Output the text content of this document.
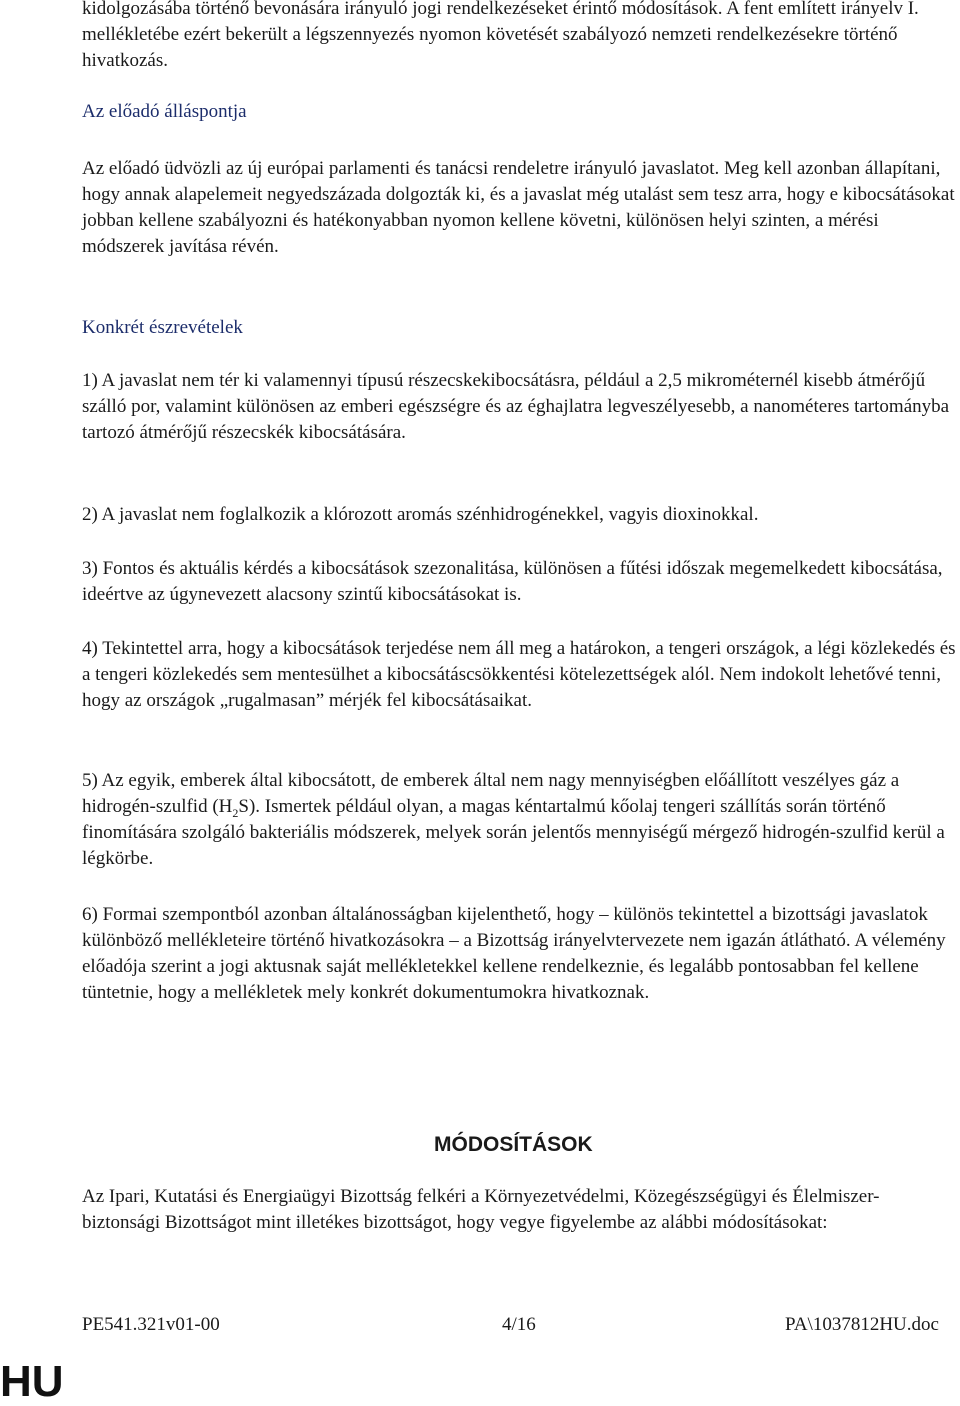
kidolgozásába történő bevonására irányuló jogi rendelkezéseket érintő módosítások. A fent említett irányelv I. mellékletébe ezért bekerült a légszennyezés nyomon követését szabályozó nemzeti rendelkezésekre történő hivatkozás.

Az előadó álláspontja

Az előadó üdvözli az új európai parlamenti és tanácsi rendeletre irányuló javaslatot. Meg kell azonban állapítani, hogy annak alapelemeit negyedszázada dolgozták ki, és a javaslat még utalást sem tesz arra, hogy e kibocsátásokat jobban kellene szabályozni és hatékonyabban nyomon kellene követni, különösen helyi szinten, a mérési módszerek javítása révén.

Konkrét észrevételek

1) A javaslat nem tér ki valamennyi típusú részecskekibocsátásra, például a 2,5 mikrométernél kisebb átmérőjű szálló por, valamint különösen az emberi egészségre és az éghajlatra legveszélyesebb, a nanométeres tartományba tartozó átmérőjű részecskék kibocsátására.

2) A javaslat nem foglalkozik a klórozott aromás szénhidrogénekkel, vagyis dioxinokkal.

3) Fontos és aktuális kérdés a kibocsátások szezonalitása, különösen a fűtési időszak megemelkedett kibocsátása, ideértve az úgynevezett alacsony szintű kibocsátásokat is.

4) Tekintettel arra, hogy a kibocsátások terjedése nem áll meg a határokon, a tengeri országok, a légi közlekedés és a tengeri közlekedés sem mentesülhet a kibocsátáscsökkentési kötelezettségek alól. Nem indokolt lehetővé tenni, hogy az országok „rugalmasan” mérjék fel kibocsátásaikat.

5) Az egyik, emberek által kibocsátott, de emberek által nem nagy mennyiségben előállított veszélyes gáz a hidrogén-szulfid $(H_2S)$. Ismertek például olyan, a magas kéntartalmú kőolaj tengeri szállítás során történő finomítására szolgáló bakteriális módszerek, melyek során jelentős mennyiségű mérgező hidrogén-szulfid kerül a légkörbe.

6) Formai szempontból azonban általánosságban kijelenthető, hogy – különös tekintettel a bizottsági javaslatok különböző mellékleteire történő hivatkozásokra – a Bizottság irányelvtervezete nem igazán átlátható. A vélemény előadója szerint a jogi aktusnak saját mellékletekkel kellene rendelkeznie, és legalább pontosabban fel kellene tüntetnie, hogy a mellékletek mely konkrét dokumentumokra hivatkoznak.

MÓDOSÍTÁSOK

Az Ipari, Kutatási és Energiaügyi Bizottság felkéri a Környezetvédelmi, Közegészségügyi és Élelmiszer-biztonsági Bizottságot mint illetékes bizottságot, hogy vegye figyelembe az alábbi módosításokat:

PE541.321v01-00	4/16	PA\1037812HU.doc
HU
